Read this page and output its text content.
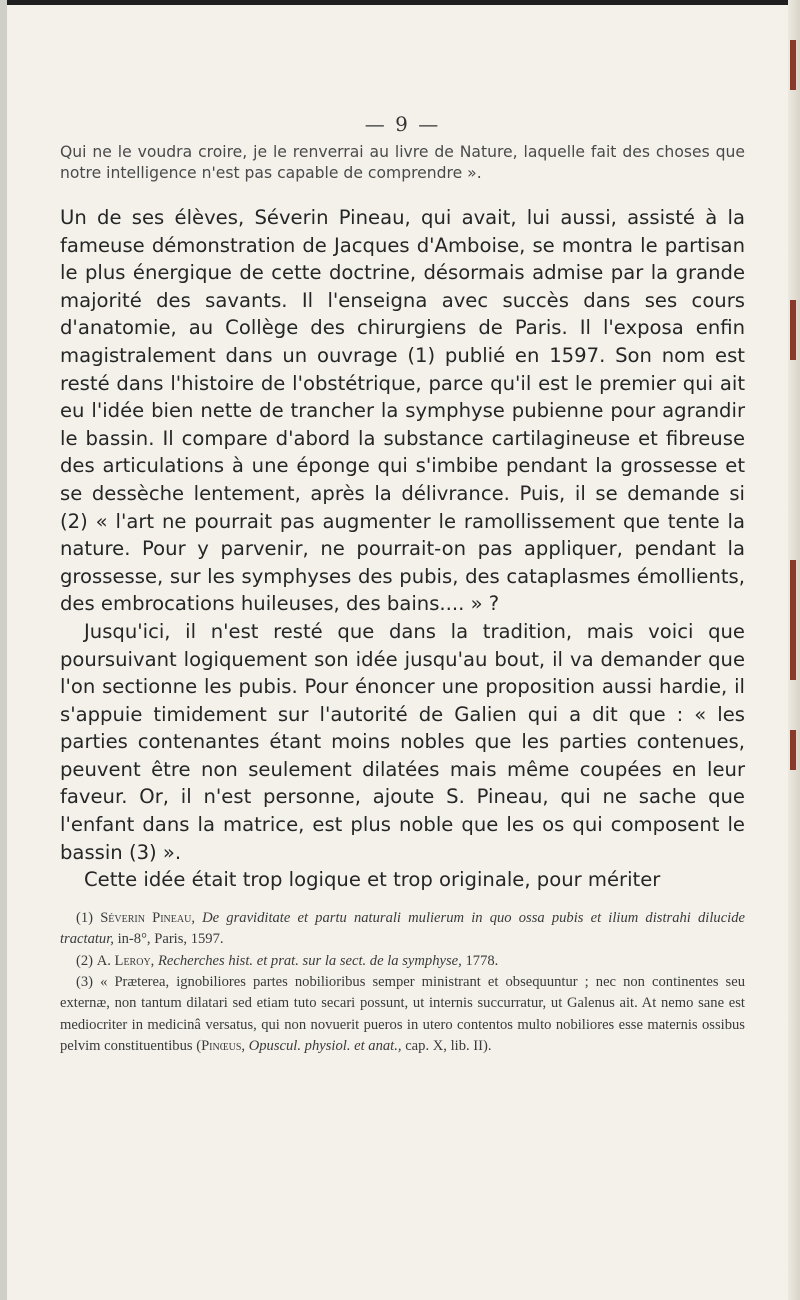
— 9 —

Qui ne le voudra croire, je le renverrai au livre de Nature, laquelle fait des choses que notre intelligence n'est pas capable de comprendre ».

Un de ses élèves, Séverin Pineau, qui avait, lui aussi, assisté à la fameuse démonstration de Jacques d'Amboise, se montra le partisan le plus énergique de cette doctrine, désormais admise par la grande majorité des savants. Il l'enseigna avec succès dans ses cours d'anatomie, au Collège des chirurgiens de Paris. Il l'exposa enfin magistralement dans un ouvrage (1) publié en 1597. Son nom est resté dans l'histoire de l'obstétrique, parce qu'il est le premier qui ait eu l'idée bien nette de trancher la symphyse pubienne pour agrandir le bassin. Il compare d'abord la substance cartilagineuse et fibreuse des articulations à une éponge qui s'imbibe pendant la grossesse et se dessèche lentement, après la délivrance. Puis, il se demande si (2) « l'art ne pourrait pas augmenter le ramollissement que tente la nature. Pour y parvenir, ne pourrait-on pas appliquer, pendant la grossesse, sur les symphyses des pubis, des cataplasmes émollients, des embrocations huileuses, des bains.... » ?

Jusqu'ici, il n'est resté que dans la tradition, mais voici que poursuivant logiquement son idée jusqu'au bout, il va demander que l'on sectionne les pubis. Pour énoncer une proposition aussi hardie, il s'appuie timidement sur l'autorité de Galien qui a dit que : « les parties contenantes étant moins nobles que les parties contenues, peuvent être non seulement dilatées mais même coupées en leur faveur. Or, il n'est personne, ajoute S. Pineau, qui ne sache que l'enfant dans la matrice, est plus noble que les os qui composent le bassin (3) ».

Cette idée était trop logique et trop originale, pour mériter

(1) Séverin Pineau, De graviditate et partu naturali mulierum in quo ossa pubis et ilium distrahi dilucide tractatur, in-8°, Paris, 1597.

(2) A. Leroy, Recherches hist. et prat. sur la sect. de la symphyse, 1778.

(3) « Præterea, ignobiliores partes nobilioribus semper ministrant et obsequuntur ; nec non continentes seu externæ, non tantum dilatari sed etiam tuto secari possunt, ut internis succurratur, ut Galenus ait. At nemo sane est mediocriter in medicinâ versatus, qui non novuerit pueros in utero contentos multo nobiliores esse maternis ossibus pelvim constituentibus (Pinœus, Opuscul. physiol. et anat., cap. X, lib. II).
